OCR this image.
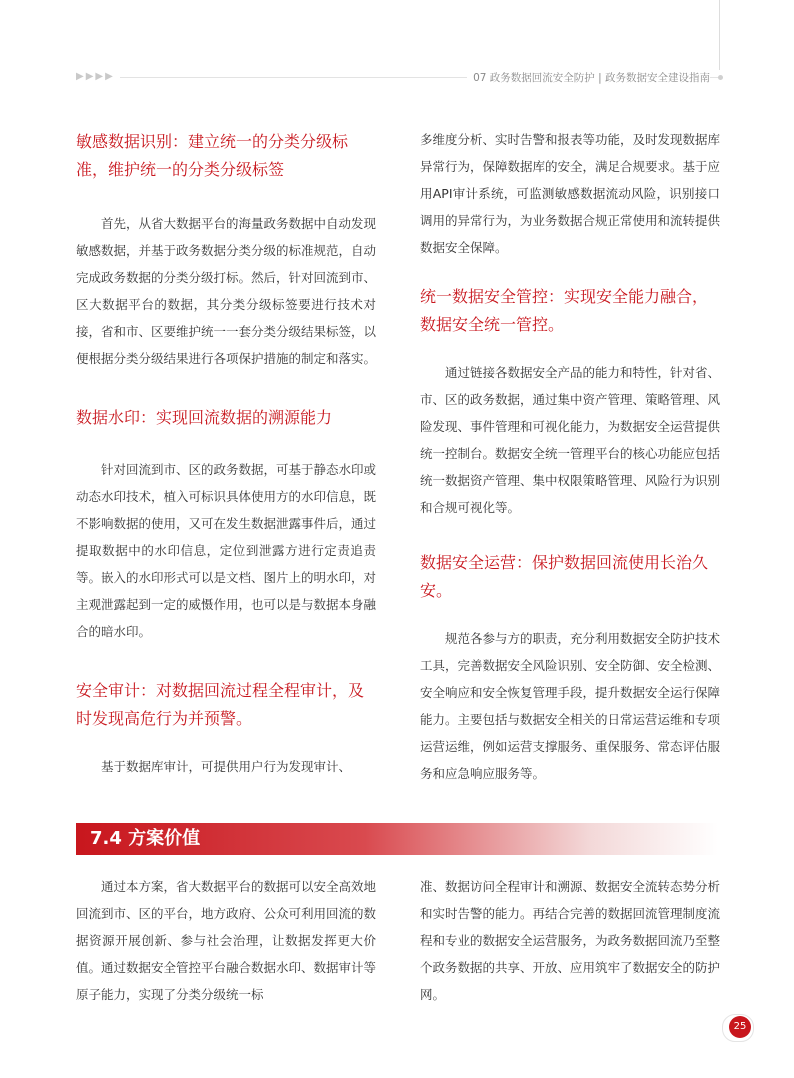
▶▶▶▶	07 政务数据回流安全防护 | 政务数据安全建设指南
敏感数据识别：建立统一的分类分级标准，维护统一的分类分级标签

首先，从省大数据平台的海量政务数据中自动发现敏感数据，并基于政务数据分类分级的标准规范，自动完成政务数据的分类分级打标。然后，针对回流到市、区大数据平台的数据，其分类分级标签要进行技术对接，省和市、区要维护统一一套分类分级结果标签，以便根据分类分级结果进行各项保护措施的制定和落实。

数据水印：实现回流数据的溯源能力

针对回流到市、区的政务数据，可基于静态水印或动态水印技术，植入可标识具体使用方的水印信息，既不影响数据的使用，又可在发生数据泄露事件后，通过提取数据中的水印信息，定位到泄露方进行定责追责等。嵌入的水印形式可以是文档、图片上的明水印，对主观泄露起到一定的威慑作用，也可以是与数据本身融合的暗水印。

安全审计：对数据回流过程全程审计，及时发现高危行为并预警。

基于数据库审计，可提供用户行为发现审计、

多维度分析、实时告警和报表等功能，及时发现数据库异常行为，保障数据库的安全，满足合规要求。基于应用API审计系统，可监测敏感数据流动风险，识别接口调用的异常行为，为业务数据合规正常使用和流转提供数据安全保障。

统一数据安全管控：实现安全能力融合，数据安全统一管控。

通过链接各数据安全产品的能力和特性，针对省、市、区的政务数据，通过集中资产管理、策略管理、风险发现、事件管理和可视化能力，为数据安全运营提供统一控制台。数据安全统一管理平台的核心功能应包括统一数据资产管理、集中权限策略管理、风险行为识别和合规可视化等。

数据安全运营：保护数据回流使用长治久安。

规范各参与方的职责，充分利用数据安全防护技术工具，完善数据安全风险识别、安全防御、安全检测、安全响应和安全恢复管理手段，提升数据安全运行保障能力。主要包括与数据安全相关的日常运营运维和专项运营运维，例如运营支撑服务、重保服务、常态评估服务和应急响应服务等。

7.4 方案价值

通过本方案，省大数据平台的数据可以安全高效地回流到市、区的平台，地方政府、公众可利用回流的数据资源开展创新、参与社会治理，让数据发挥更大价值。通过数据安全管控平台融合数据水印、数据审计等原子能力，实现了分类分级统一标

准、数据访问全程审计和溯源、数据安全流转态势分析和实时告警的能力。再结合完善的数据回流管理制度流程和专业的数据安全运营服务，为政务数据回流乃至整个政务数据的共享、开放、应用筑牢了数据安全的防护网。

25
